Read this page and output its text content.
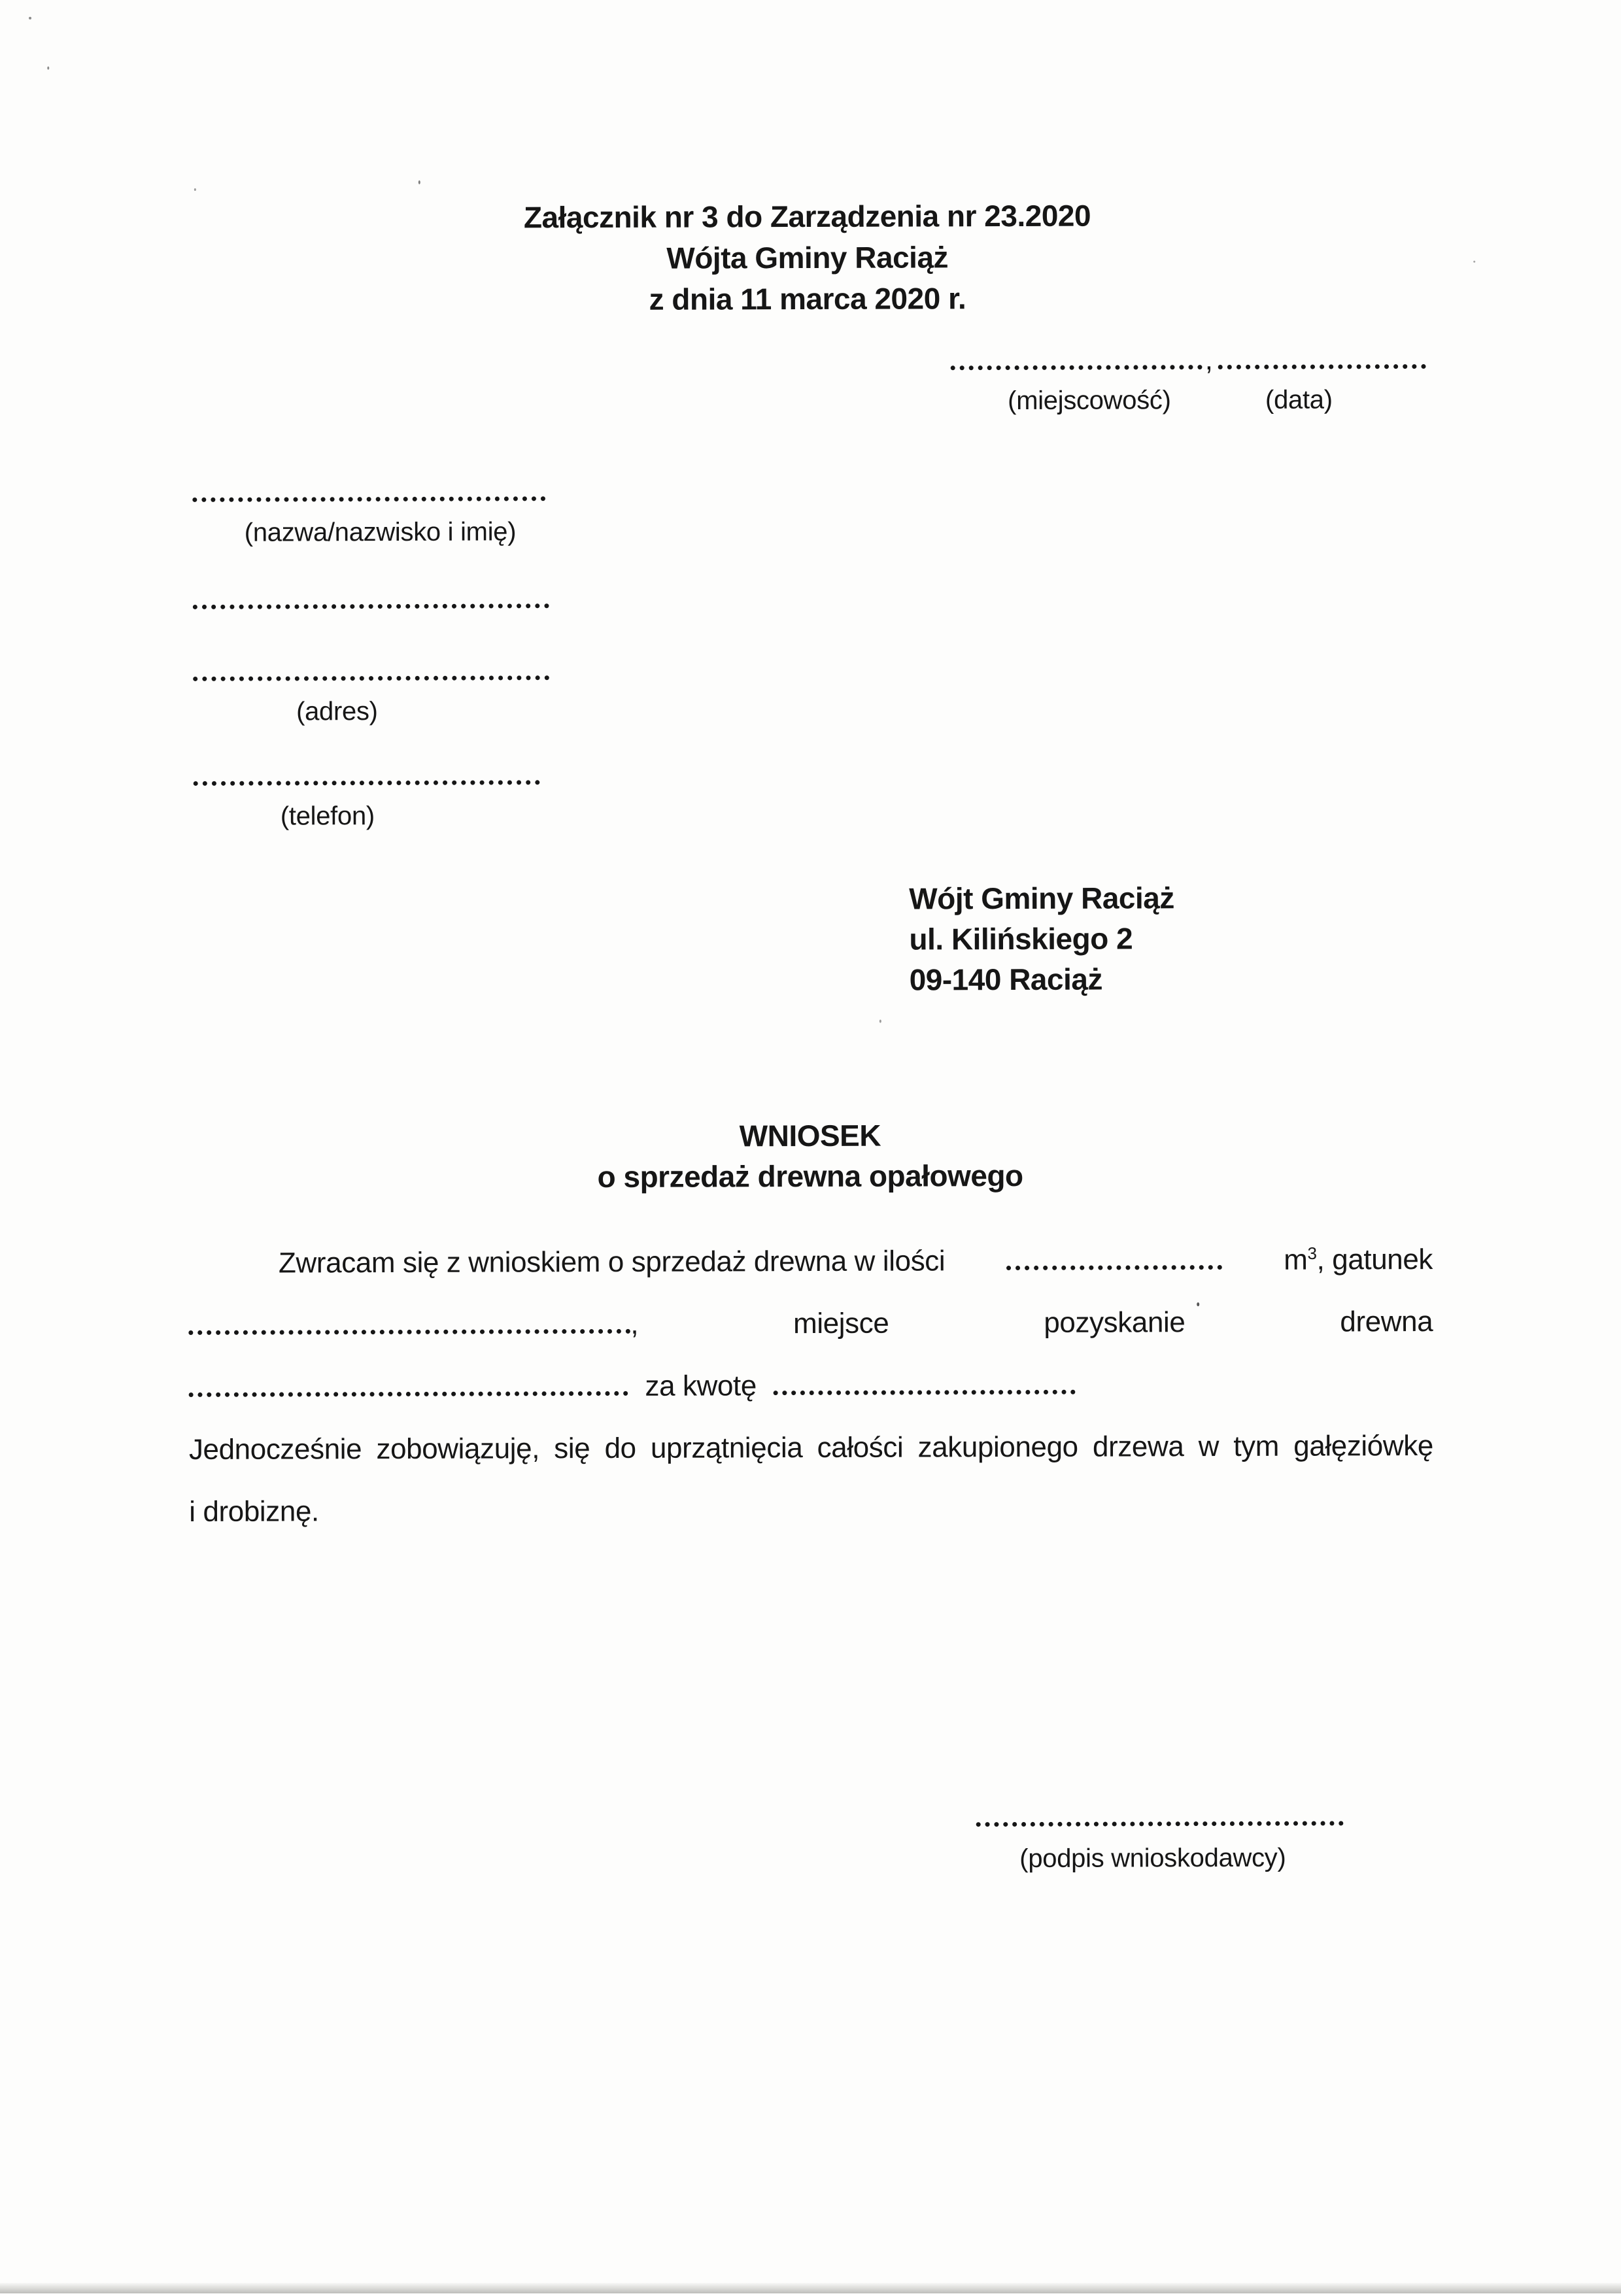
Załącznik nr 3 do Zarządzenia nr 23.2020
Wójta Gminy Raciąż
z dnia 11 marca 2020 r.
,
(miejscowość)	(data)
(nazwa/nazwisko i imię)
(adres)
(telefon)
Wójt Gminy Raciąż
ul. Kilińskiego 2
09-140 Raciąż
WNIOSEK
o sprzedaż drewna opałowego
Zwracam się z wnioskiem o sprzedaż drewna w ilości	$m^3$, gatunek
,	miejsce	pozyskanie	drewna
za kwotę
Jednocześnie zobowiązuję, się do uprzątnięcia całości zakupionego drzewa w tym gałęziówkę
i drobiznę.
(podpis wnioskodawcy)
